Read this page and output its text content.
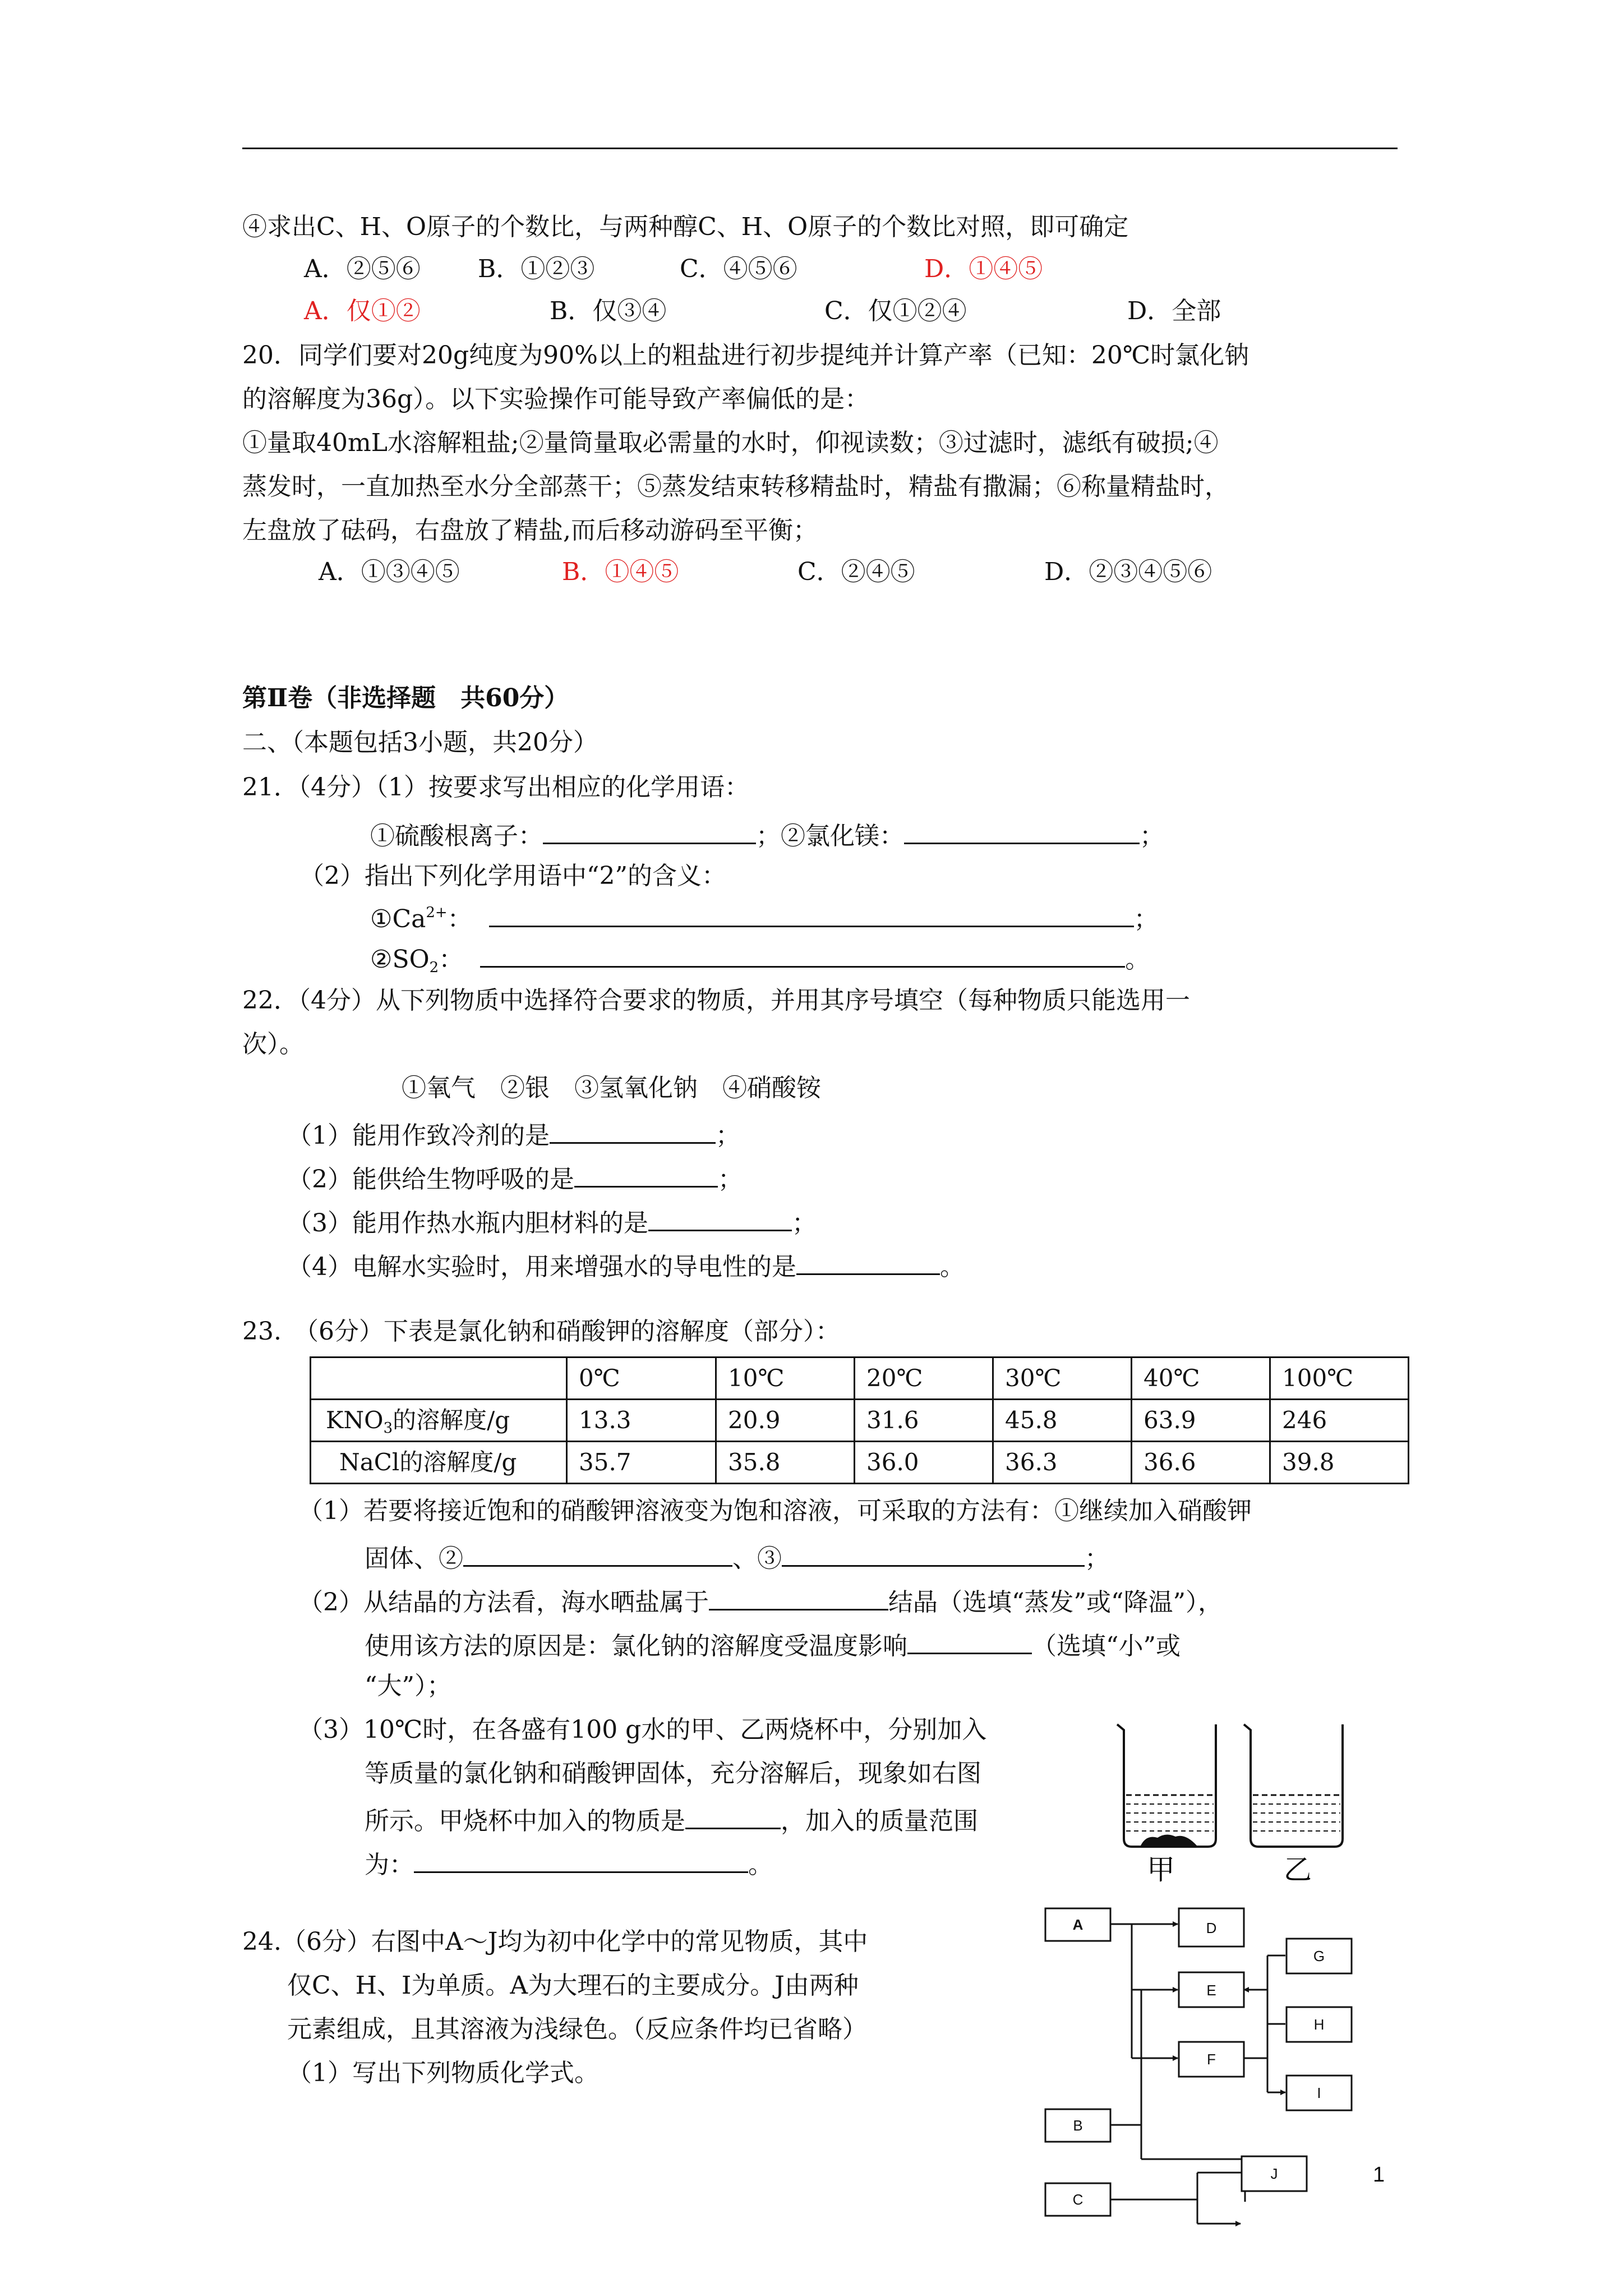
④求出C、H、O原子的个数比，与两种醇C、H、O原子的个数比对照，即可确定
A．②⑤⑥ B．①②③	C．④⑤⑥	D．①④⑤
A．仅①②	B．仅③④	C．仅①②④	D．全部
20．同学们要对20g纯度为90%以上的粗盐进行初步提纯并计算产率（已知：20℃时氯化钠
的溶解度为36g）。以下实验操作可能导致产率偏低的是：
①量取40mL水溶解粗盐;②量筒量取必需量的水时，仰视读数；③过滤时，滤纸有破损;④
蒸发时，一直加热至水分全部蒸干；⑤蒸发结束转移精盐时，精盐有撒漏；⑥称量精盐时，
左盘放了砝码，右盘放了精盐,而后移动游码至平衡；
A．①③④⑤	B．①④⑤	C．②④⑤	D．②③④⑤⑥
第Ⅱ卷（非选择题　共60分）
二、（本题包括3小题，共20分）
21．（4分）（1）按要求写出相应的化学用语：
①硫酸根离子：	；②氯化镁：	；
（2）指出下列化学用语中“2”的含义：
$①Ca^{2+}$：	；
$②SO_2$：	。
22．（4分）从下列物质中选择符合要求的物质，并用其序号填空（每种物质只能选用一
次）。
①氧气　②银　③氢氧化钠　④硝酸铵
（1）能用作致冷剂的是	；
（2）能供给生物呼吸的是	；
（3）能用作热水瓶内胆材料的是	；
（4）电解水实验时，用来增强水的导电性的是	。
23.　（6分）下表是氯化钠和硝酸钾的溶解度（部分）：
	0℃	10℃	20℃	30℃	40℃	100℃
$KNO_3$的溶解度/g	13.3	20.9	31.6	45.8	63.9	246
NaCl的溶解度/g	35.7	35.8	36.0	36.3	36.6	39.8
（1）若要将接近饱和的硝酸钾溶液变为饱和溶液，可采取的方法有：①继续加入硝酸钾
固体、②	、③	；
（2）从结晶的方法看，海水晒盐属于	结晶（选填“蒸发”或“降温”），
使用该方法的原因是：氯化钠的溶解度受温度影响	（选填“小”或
“大”）；
（3）10℃时，在各盛有100 g水的甲、乙两烧杯中，分别加入
等质量的氯化钠和硝酸钾固体，充分溶解后，现象如右图
所示。甲烧杯中加入的物质是	，加入的质量范围
为：	。	甲	乙
24.（6分）右图中A～J均为初中化学中的常见物质，其中
仅C、H、I为单质。A为大理石的主要成分。J由两种
元素组成，且其溶液为浅绿色。（反应条件均已省略）
（1）写出下列物质化学式。
A
B
C
D
E
F
G
H
I
J	1
